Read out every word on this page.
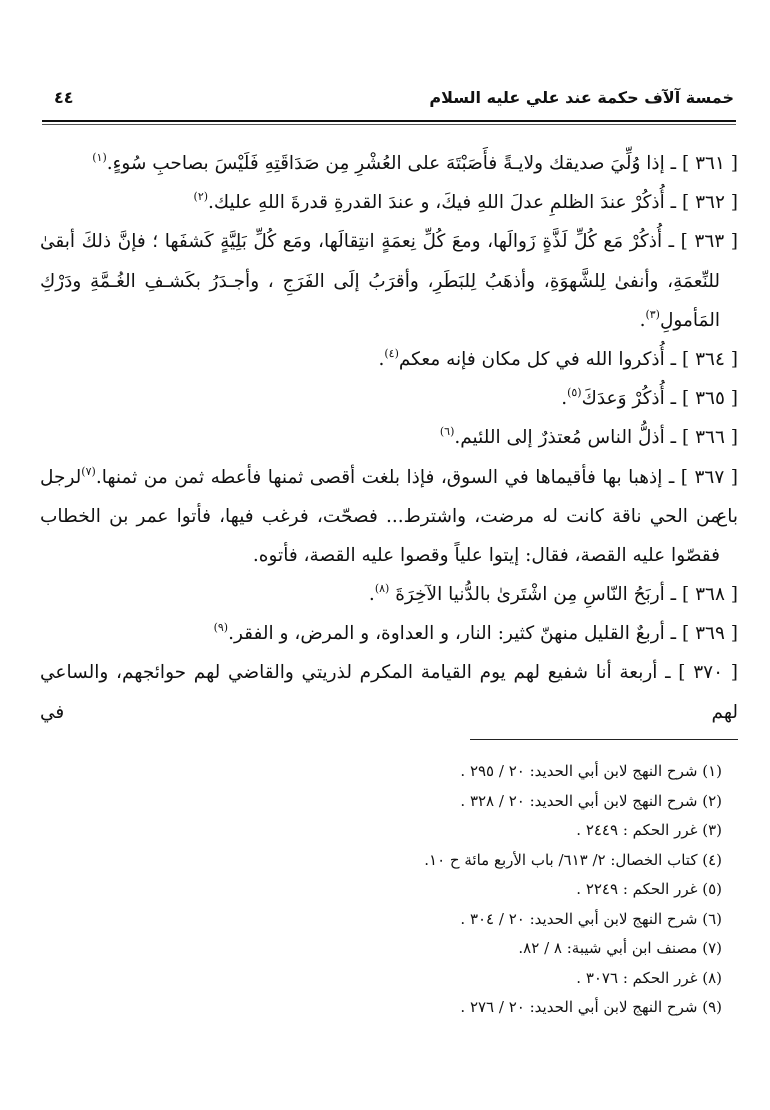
خمسة آلآف حكمة عند علي عليه السلام
٤٤
[ ٣٦١ ] ـ إذا وُلِّيَ صديقك ولايـةً فأَصَبْتَهَ على العُشْرِ مِن صَدَاقَتِهِ فَلَيْسَ بصاحبِ سُوءٍ.$^{(١)}$
[ ٣٦٢ ] ـ أُذكُرْ عندَ الظلمِ عدلَ اللهِ فيكَ، و عندَ القدرةِ قدرةَ اللهِ عليك.$^{(٢)}$
[ ٣٦٣ ] ـ أُذكُرْ مَع كُلِّ لَذَّةٍ زَوالَها، ومعَ كُلِّ نِعمَةٍ انتِقالَها، ومَع كُلِّ بَلِيَّةٍ كَشفَها ؛ فإنَّ ذلكَ أبقىٰ
للنِّعمَةِ، وأنفىٰ لِلشَّهوَةِ، وأذهَبُ لِلبَطَرِ، وأقرَبُ إلَى الفَرَجِ ، وأجـدَرُ بكَشـفِ الغُـمَّةِ ودَرْكِ
المَأمولِ$^{(٣)}$.
[ ٣٦٤ ] ـ أُذكروا الله في كل مكان فإنه معكم$^{(٤)}$.
[ ٣٦٥ ] ـ أُذكُرْ وَعدَكَ$^{(٥)}$.
[ ٣٦٦ ] ـ أذلُّ الناس مُعتذرٌ إلى اللئيم.$^{(٦)}$
[ ٣٦٧ ] ـ إذهبا بها فأقيماها في السوق، فإذا بلغت أقصى ثمنها فأعطه ثمن من ثمنها.$^{(٧)}$لرجل باع
من الحي ناقة كانت له مرضت، واشترط... فصحّت، فرغب فيها، فأتوا عمر بن الخطاب
فقصّوا عليه القصة، فقال: إيتوا علياً وقصوا عليه القصة، فأتوه.
[ ٣٦٨ ] ـ أربَحُ النّاسِ مِن اشْتَرىٰ بالدُّنيا الآخِرَةَ $^{(٨)}$.
[ ٣٦٩ ] ـ أربعٌ القليل منهنّ كثير: النار، و العداوة، و المرض، و الفقر.$^{(٩)}$
[ ٣٧٠ ] ـ أربعة أنا شفيع لهم يوم القيامة المكرم لذريتي والقاضي لهم حوائجهم، والساعي لهم في
(١) شرح النهج لابن أبي الحديد: ٢٠ / ٢٩٥ .
(٢) شرح النهج لابن أبي الحديد: ٢٠ / ٣٢٨ .
(٣) غرر الحكم : ٢٤٤٩ .
(٤) كتاب الخصال: ٢/ ٦١٣/ باب الأربع مائة ح ١٠.
(٥) غرر الحكم : ٢٢٤٩ .
(٦) شرح النهج لابن أبي الحديد: ٢٠ / ٣٠٤ .
(٧) مصنف ابن أبي شيبة: ٨ / ٨٢.
(٨) غرر الحكم : ٣٠٧٦ .
(٩) شرح النهج لابن أبي الحديد: ٢٠ / ٢٧٦ .
